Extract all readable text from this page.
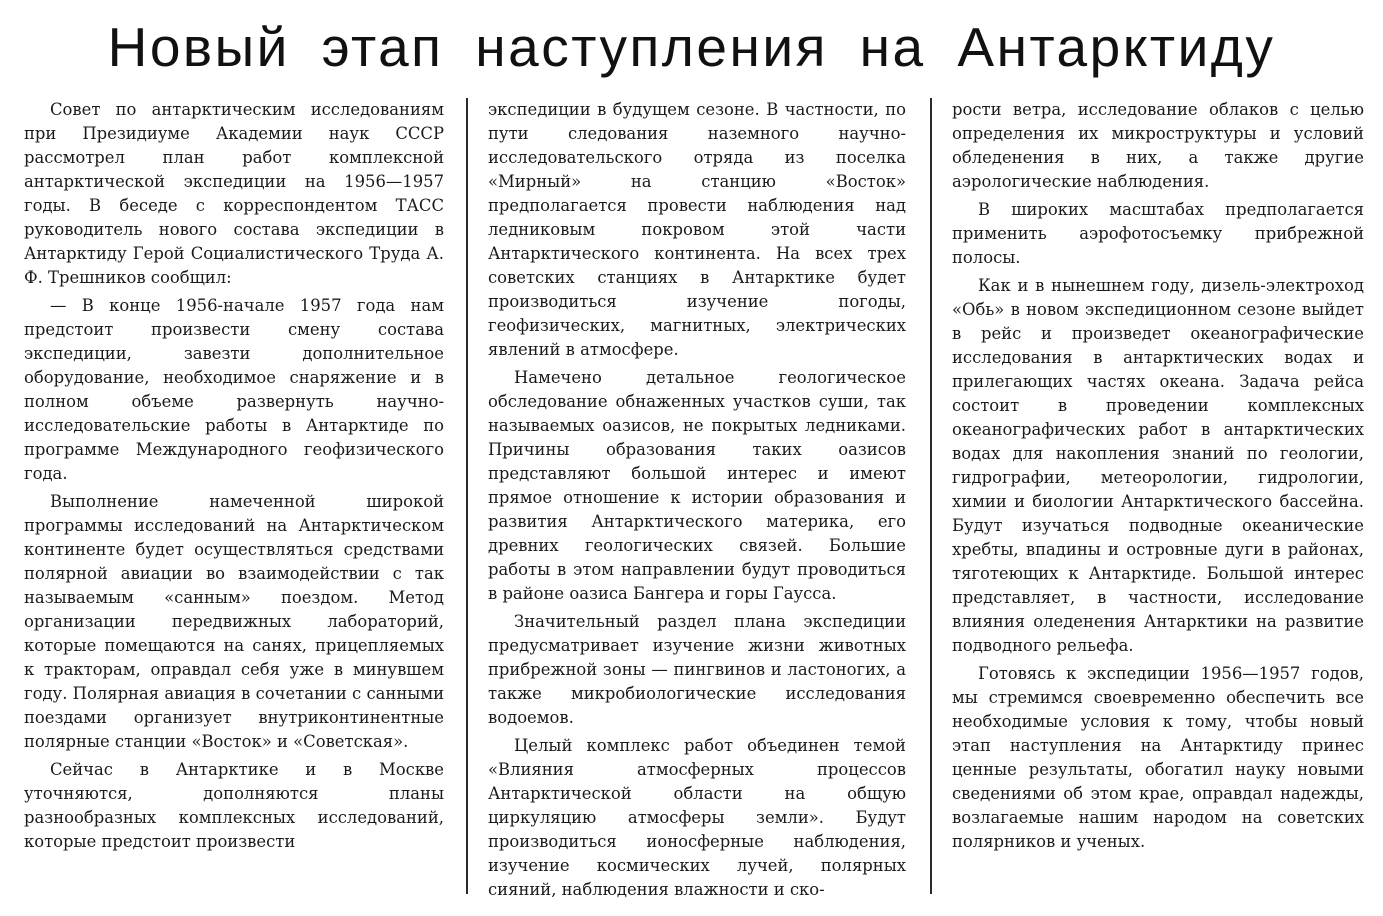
Новый этап наступления на Антарктиду

Совет по антарктическим исследованиям при Президиуме Академии наук СССР рассмотрел план работ комплексной антарктической экспедиции на 1956—1957 годы. В беседе с корреспондентом ТАСС руководитель нового состава экспедиции в Антарктиду Герой Социалистического Труда А. Ф. Трешников сообщил:

— В конце 1956-начале 1957 года нам предстоит произвести смену состава экспедиции, завезти дополнительное оборудование, необходимое снаряжение и в полном объеме развернуть научно-исследовательские работы в Антарктиде по программе Международного геофизического года.

Выполнение намеченной широкой программы исследований на Антарктическом континенте будет осуществляться средствами полярной авиации во взаимодействии с так называемым «санным» поездом. Метод организации передвижных лабораторий, которые помещаются на санях, прицепляемых к тракторам, оправдал себя уже в минувшем году. Полярная авиация в сочетании с санными поездами организует внутриконтинентные полярные станции «Восток» и «Советская».

Сейчас в Антарктике и в Москве уточняются, дополняются планы разнообразных комплексных исследований, которые предстоит произвести

экспедиции в будущем сезоне. В частности, по пути следования наземного научно-исследовательского отряда из поселка «Мирный» на станцию «Восток» предполагается провести наблюдения над ледниковым покровом этой части Антарктического континента. На всех трех советских станциях в Антарктике будет производиться изучение погоды, геофизических, магнитных, электрических явлений в атмосфере.

Намечено детальное геологическое обследование обнаженных участков суши, так называемых оазисов, не покрытых ледниками. Причины образования таких оазисов представляют большой интерес и имеют прямое отношение к истории образования и развития Антарктического материка, его древних геологических связей. Большие работы в этом направлении будут проводиться в районе оазиса Бангера и горы Гаусса.

Значительный раздел плана экспедиции предусматривает изучение жизни животных прибрежной зоны — пингвинов и ластоногих, а также микробиологические исследования водоемов.

Целый комплекс работ объединен темой «Влияния атмосферных процессов Антарктической области на общую циркуляцию атмосферы земли». Будут производиться ионосферные наблюдения, изучение космических лучей, полярных сияний, наблюдения влажности и ско-

рости ветра, исследование облаков с целью определения их микроструктуры и условий обледенения в них, а также другие аэрологические наблюдения.

В широких масштабах предполагается применить аэрофотосъемку прибрежной полосы.

Как и в нынешнем году, дизель-электроход «Обь» в новом экспедиционном сезоне выйдет в рейс и произведет океанографические исследования в антарктических водах и прилегающих частях океана. Задача рейса состоит в проведении комплексных океанографических работ в антарктических водах для накопления знаний по геологии, гидрографии, метеорологии, гидрологии, химии и биологии Антарктического бассейна. Будут изучаться подводные океанические хребты, впадины и островные дуги в районах, тяготеющих к Антарктиде. Большой интерес представляет, в частности, исследование влияния оледенения Антарктики на развитие подводного рельефа.

Готовясь к экспедиции 1956—1957 годов, мы стремимся своевременно обеспечить все необходимые условия к тому, чтобы новый этап наступления на Антарктиду принес ценные результаты, обогатил науку новыми сведениями об этом крае, оправдал надежды, возлагаемые нашим народом на советских полярников и ученых.
